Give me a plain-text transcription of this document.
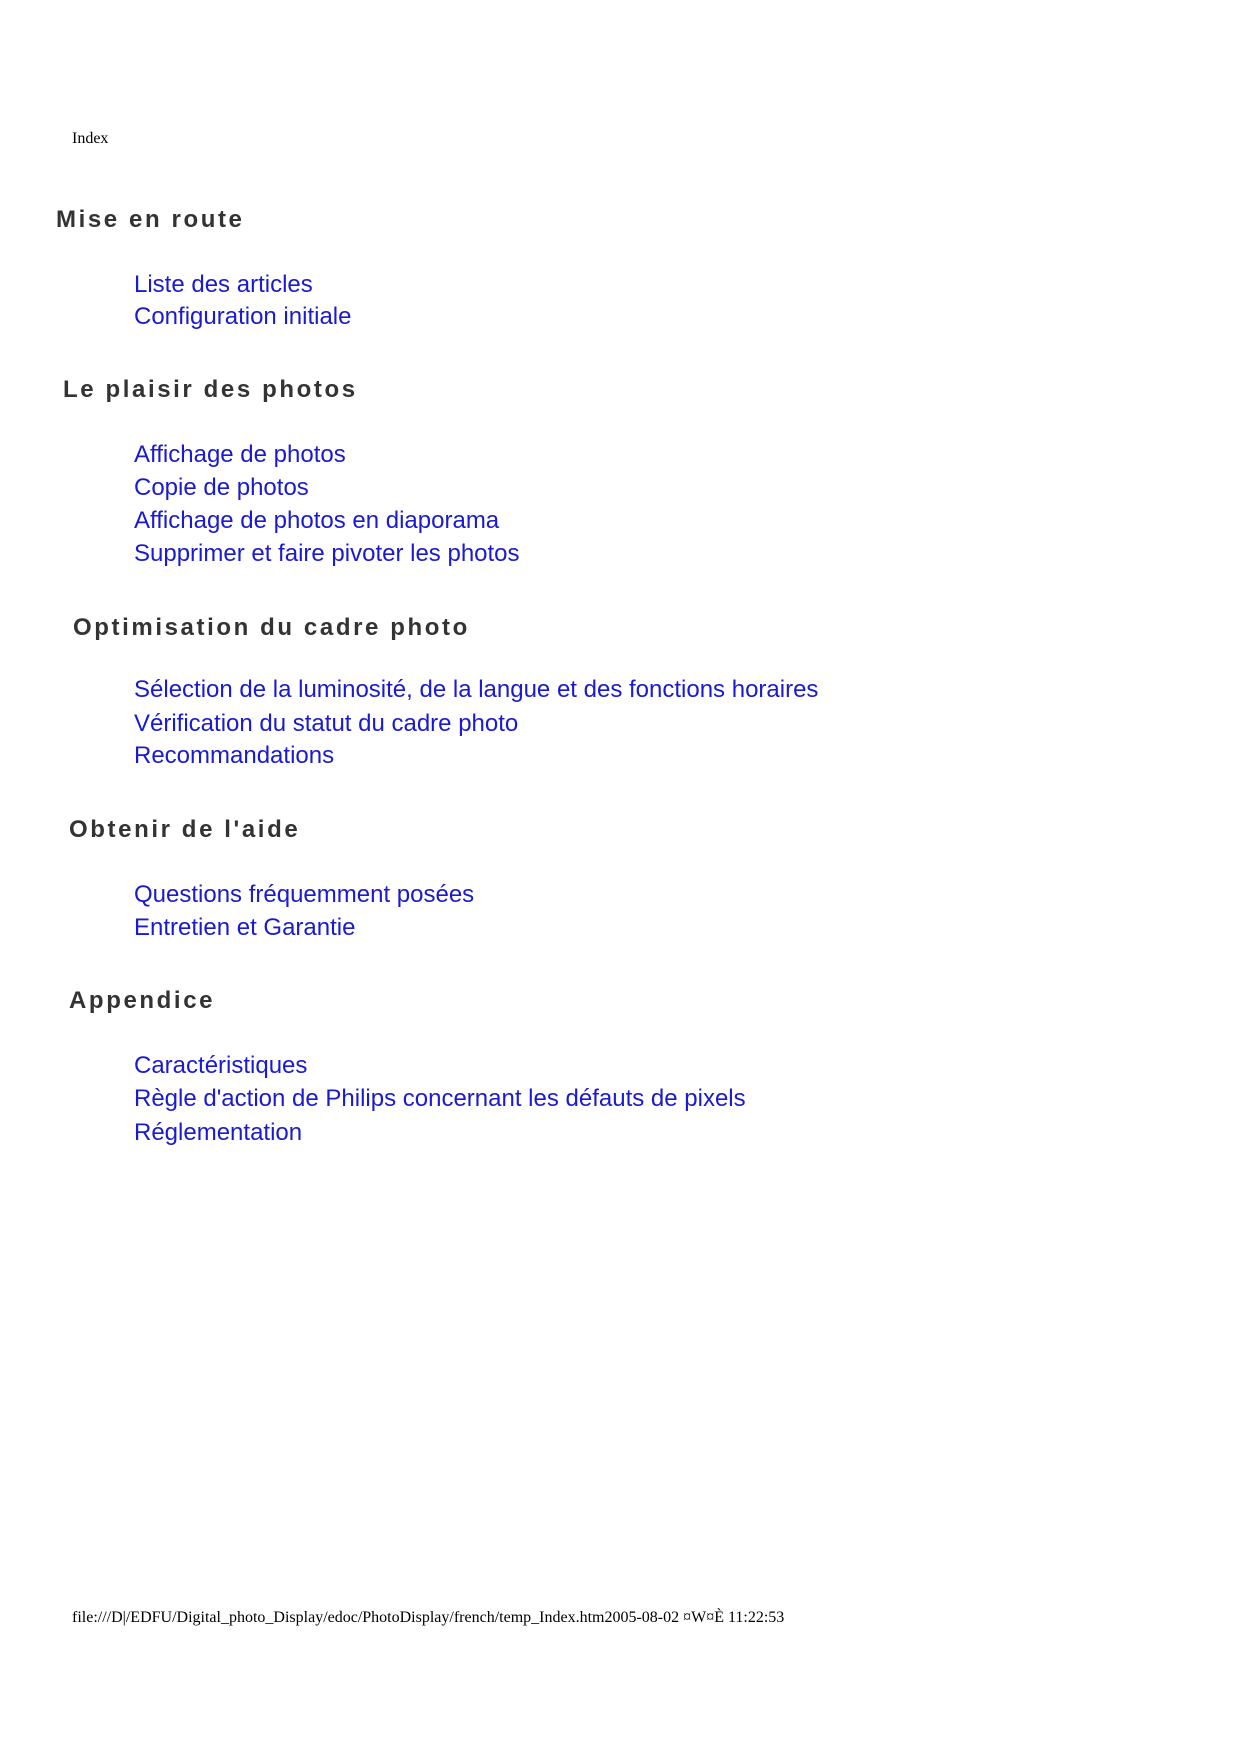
Index
Mise en route
Liste des articles
Configuration initiale
Le plaisir des photos
Affichage de photos
Copie de photos
Affichage de photos en diaporama
Supprimer et faire pivoter les photos
Optimisation du cadre photo
Sélection de la luminosité, de la langue et des fonctions horaires
Vérification du statut du cadre photo
Recommandations
Obtenir de l'aide
Questions fréquemment posées
Entretien et Garantie
Appendice
Caractéristiques
Règle d'action de Philips concernant les défauts de pixels
Réglementation
file:///D|/EDFU/Digital_photo_Display/edoc/PhotoDisplay/french/temp_Index.htm2005-08-02 ¤W¤È 11:22:53
